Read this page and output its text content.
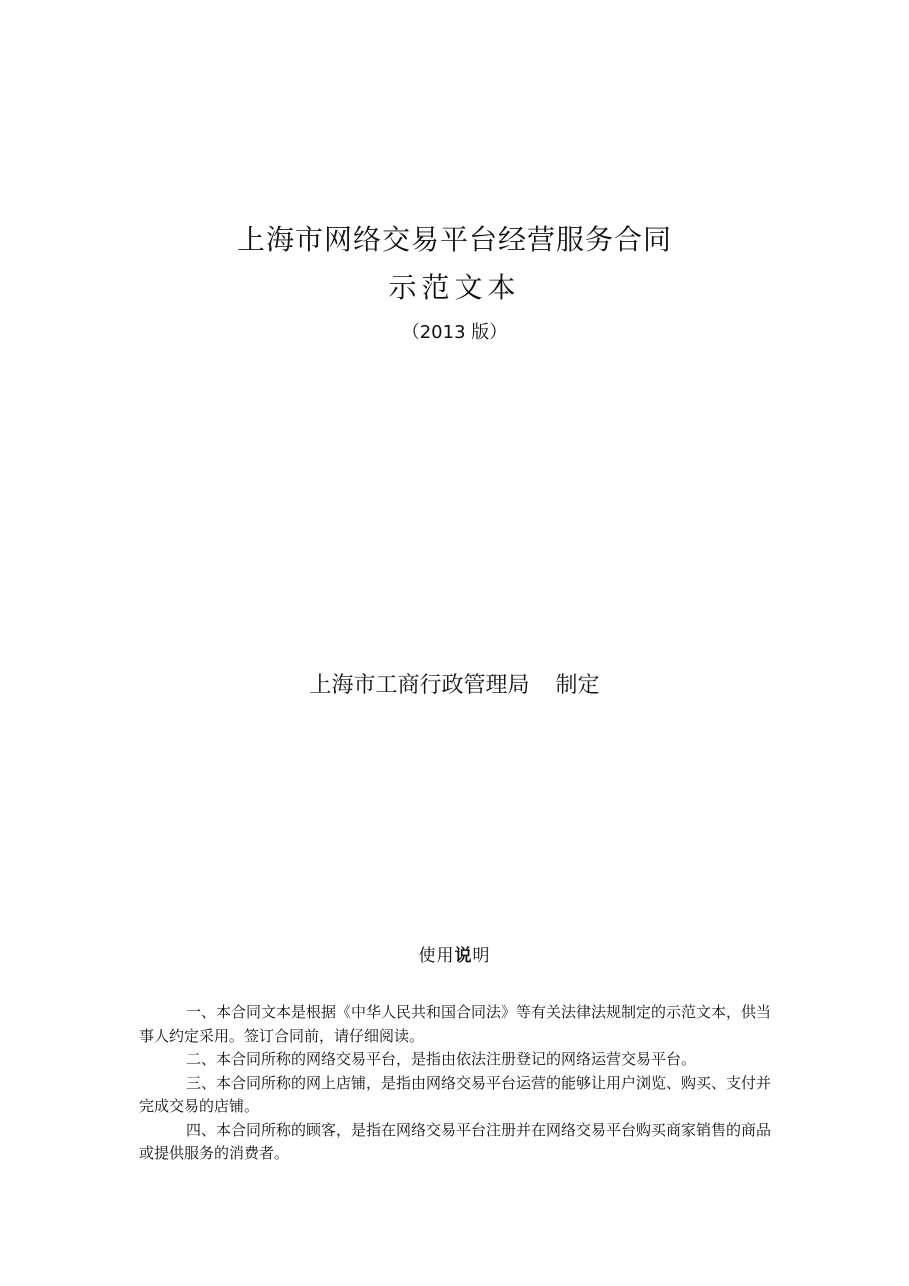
上海市网络交易平台经营服务合同
示范文本
（2013 版）
上海市工商行政管理局 制定
使用说明

一、本合同文本是根据《中华人民共和国合同法》等有关法律法规制定的示范文本，供当事人约定采用。签订合同前，请仔细阅读。

二、本合同所称的网络交易平台，是指由依法注册登记的网络运营交易平台。

三、本合同所称的网上店铺，是指由网络交易平台运营的能够让用户浏览、购买、支付并完成交易的店铺。

四、本合同所称的顾客，是指在网络交易平台注册并在网络交易平台购买商家销售的商品或提供服务的消费者。
